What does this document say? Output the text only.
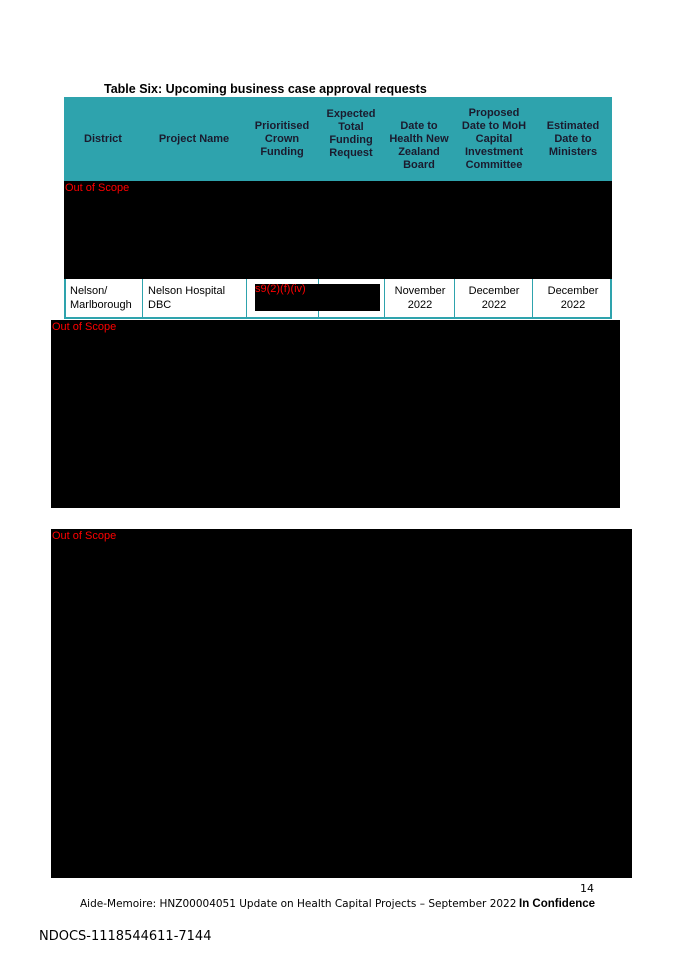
Table Six: Upcoming business case approval requests
District	Project Name
Prioritised Crown Funding
Expected Total Funding Request
Date to Health New Zealand Board
Proposed Date to MoH Capital Investment Committee
Estimated Date to Ministers
Out of Scope
Nelson/ Marlborough
Nelson Hospital DBC
s9(2)(f)(iv)	November 2022
December 2022
December 2022
Out of Scope
Out of Scope
14
Aide-Memoire: HNZ00004051 Update on Health Capital Projects – September 2022 In Confidence
NDOCS-1118544611-7144
